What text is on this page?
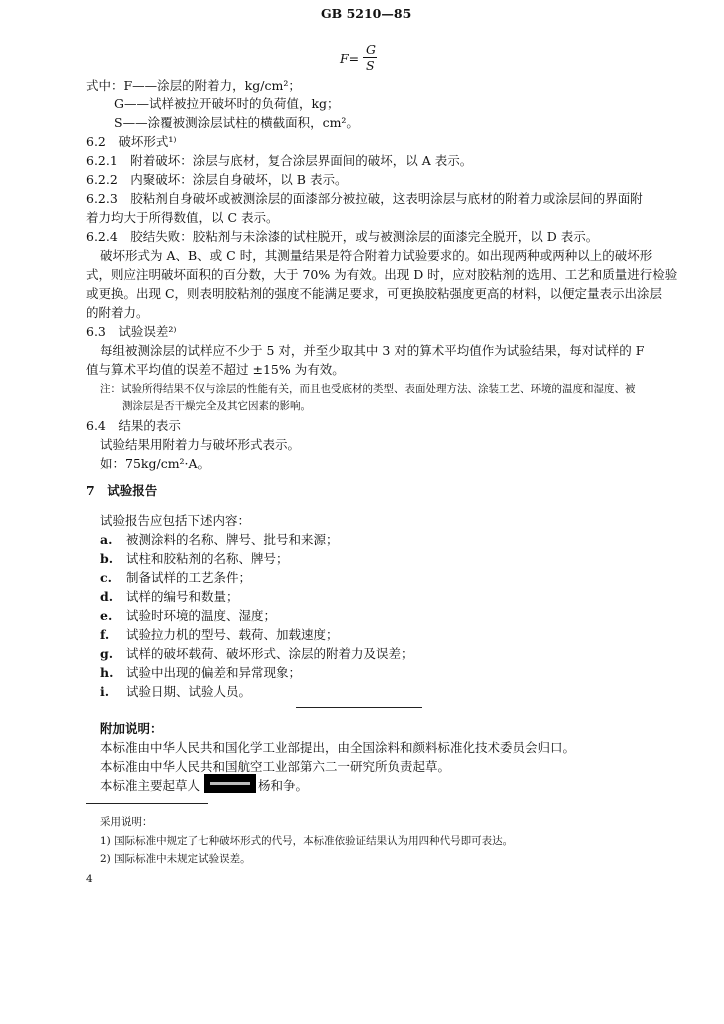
GB 5210—85
F=
G
S
式中：F——涂层的附着力，kg/cm²；
G——试样被拉开破坏时的负荷值，kg；
S——涂覆被测涂层试柱的横截面积，cm²。
6.2　破坏形式¹⁾
6.2.1　附着破坏：涂层与底材，复合涂层界面间的破坏，以 A 表示。
6.2.2　内聚破坏：涂层自身破坏，以 B 表示。
6.2.3　胶粘剂自身破坏或被测涂层的面漆部分被拉破，这表明涂层与底材的附着力或涂层间的界面附
着力均大于所得数值，以 C 表示。
6.2.4　胶结失败：胶粘剂与未涂漆的试柱脱开，或与被测涂层的面漆完全脱开，以 D 表示。
破坏形式为 A、B、或 C 时，其测量结果是符合附着力试验要求的。如出现两种或两种以上的破坏形
式，则应注明破坏面积的百分数，大于 70% 为有效。出现 D 时，应对胶粘剂的选用、工艺和质量进行检验
或更换。出现 C，则表明胶粘剂的强度不能满足要求，可更换胶粘强度更高的材料，以便定量表示出涂层
的附着力。
6.3　试验误差²⁾
每组被测涂层的试样应不少于 5 对，并至少取其中 3 对的算术平均值作为试验结果，每对试样的 F
值与算术平均值的误差不超过 ±15% 为有效。
注：试验所得结果不仅与涂层的性能有关，而且也受底材的类型、表面处理方法、涂装工艺、环境的温度和湿度、被
测涂层是否干燥完全及其它因素的影响。
6.4　结果的表示
试验结果用附着力与破坏形式表示。
如：75kg/cm²·A。
7　试验报告
试验报告应包括下述内容：
a. 被测涂料的名称、牌号、批号和来源；
b. 试柱和胶粘剂的名称、牌号；
c. 制备试样的工艺条件；
d. 试样的编号和数量；
e. 试验时环境的温度、湿度；
f. 试验拉力机的型号、载荷、加载速度；
g. 试样的破坏载荷、破坏形式、涂层的附着力及误差；
h. 试验中出现的偏差和异常现象；
i. 试验日期、试验人员。
附加说明：
本标准由中华人民共和国化学工业部提出，由全国涂料和颜料标准化技术委员会归口。
本标准由中华人民共和国航空工业部第六二一研究所负责起草。
本标准主要起草人	杨和争。
采用说明：
1) 国际标准中规定了七种破坏形式的代号，本标准依验证结果认为用四种代号即可表达。
2) 国际标准中未规定试验误差。
4
